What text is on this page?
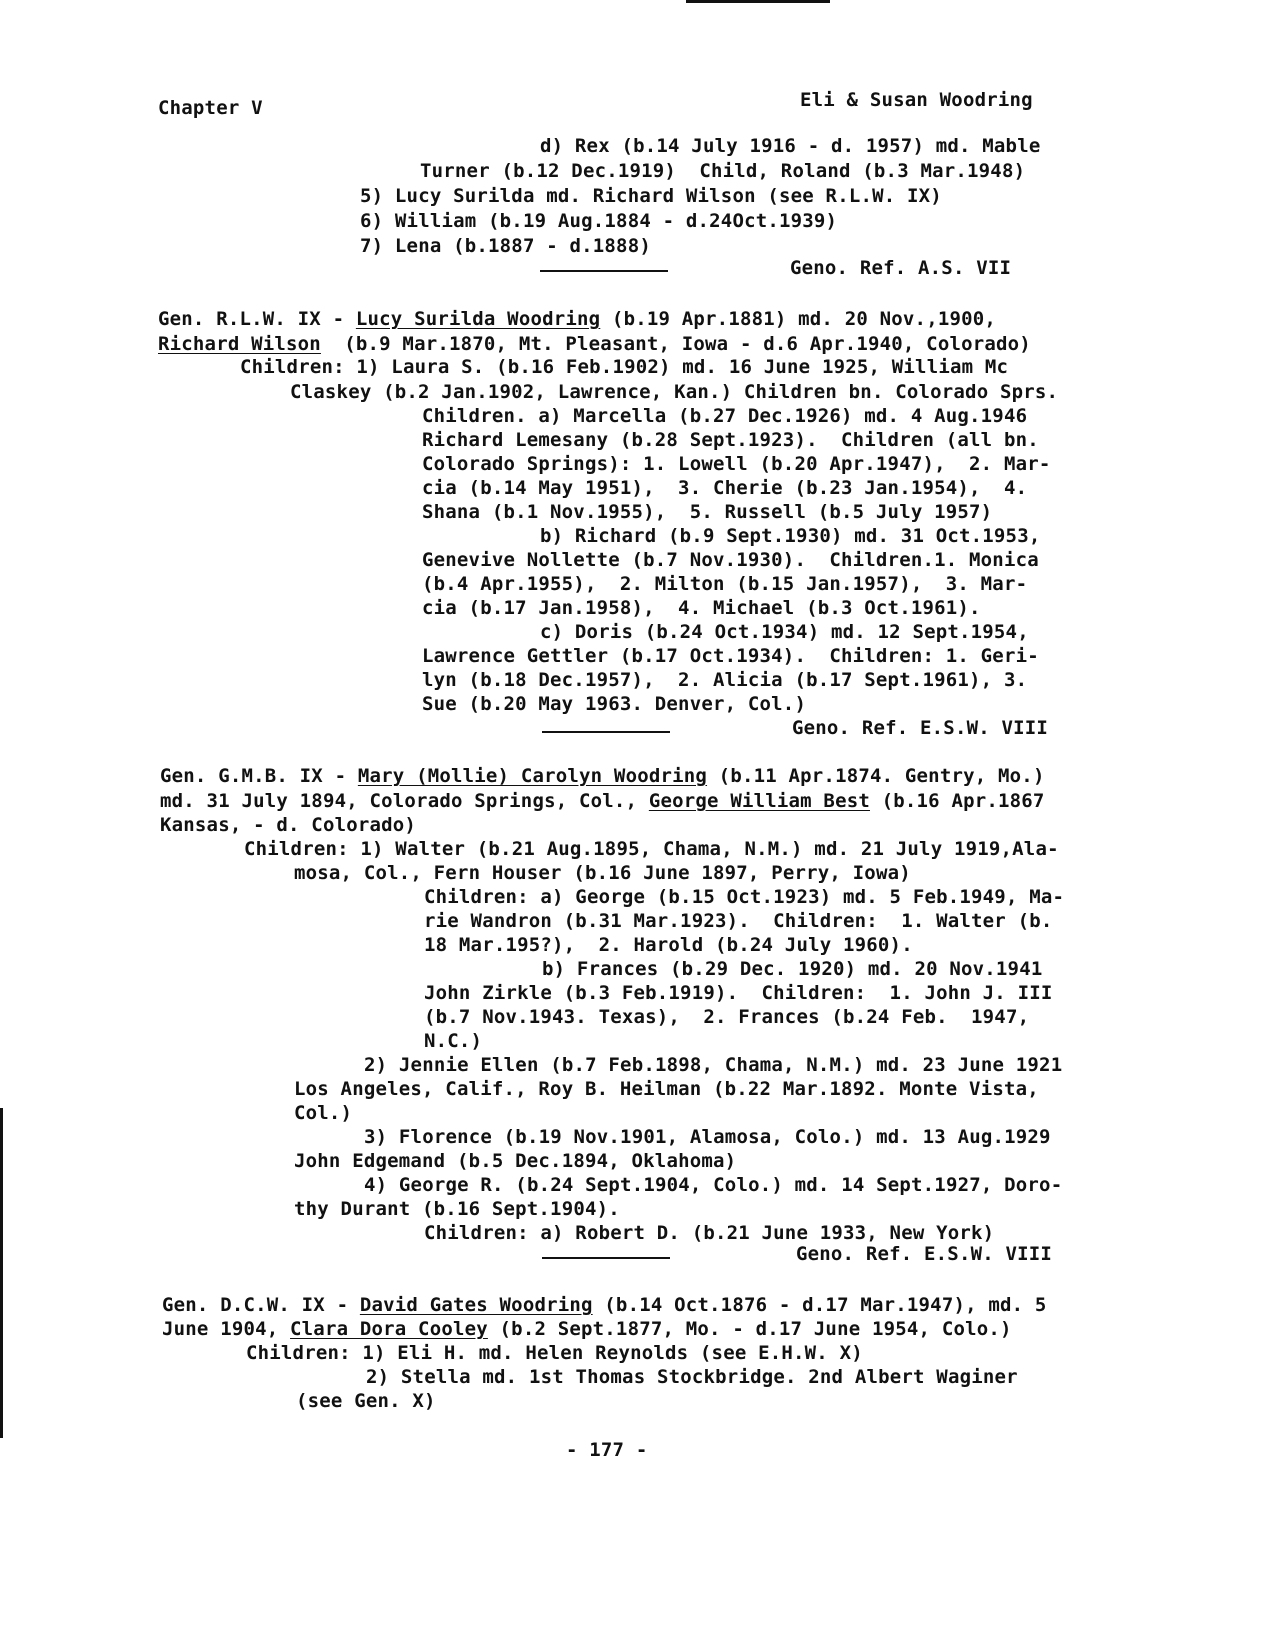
Chapter V	Eli & Susan Woodring
d) Rex (b.14 July 1916 - d. 1957) md. Mable
Turner (b.12 Dec.1919)  Child, Roland (b.3 Mar.1948)
5) Lucy Surilda md. Richard Wilson (see R.L.W. IX)
6) William (b.19 Aug.1884 - d.24Oct.1939)
7) Lena (b.1887 - d.1888)
Geno. Ref. A.S. VII
Gen. R.L.W. IX - Lucy Surilda Woodring (b.19 Apr.1881) md. 20 Nov.,1900,
Richard Wilson  (b.9 Mar.1870, Mt. Pleasant, Iowa - d.6 Apr.1940, Colorado)
Children: 1) Laura S. (b.16 Feb.1902) md. 16 June 1925, William Mc
Claskey (b.2 Jan.1902, Lawrence, Kan.) Children bn. Colorado Sprs.
Children. a) Marcella (b.27 Dec.1926) md. 4 Aug.1946
Richard Lemesany (b.28 Sept.1923).  Children (all bn.
Colorado Springs): 1. Lowell (b.20 Apr.1947),  2. Mar-
cia (b.14 May 1951),  3. Cherie (b.23 Jan.1954),  4.
Shana (b.1 Nov.1955),  5. Russell (b.5 July 1957)
b) Richard (b.9 Sept.1930) md. 31 Oct.1953,
Genevive Nollette (b.7 Nov.1930).  Children.1. Monica
(b.4 Apr.1955),  2. Milton (b.15 Jan.1957),  3. Mar-
cia (b.17 Jan.1958),  4. Michael (b.3 Oct.1961).
c) Doris (b.24 Oct.1934) md. 12 Sept.1954,
Lawrence Gettler (b.17 Oct.1934).  Children: 1. Geri-
lyn (b.18 Dec.1957),  2. Alicia (b.17 Sept.1961), 3.
Sue (b.20 May 1963. Denver, Col.)
Geno. Ref. E.S.W. VIII
Gen. G.M.B. IX - Mary (Mollie) Carolyn Woodring (b.11 Apr.1874. Gentry, Mo.)
md. 31 July 1894, Colorado Springs, Col., George William Best (b.16 Apr.1867
Kansas, - d. Colorado)
Children: 1) Walter (b.21 Aug.1895, Chama, N.M.) md. 21 July 1919,Ala-
mosa, Col., Fern Houser (b.16 June 1897, Perry, Iowa)
Children: a) George (b.15 Oct.1923) md. 5 Feb.1949, Ma-
rie Wandron (b.31 Mar.1923).  Children:  1. Walter (b.
18 Mar.195?),  2. Harold (b.24 July 1960).
b) Frances (b.29 Dec. 1920) md. 20 Nov.1941
John Zirkle (b.3 Feb.1919).  Children:  1. John J. III
(b.7 Nov.1943. Texas),  2. Frances (b.24 Feb.  1947,
N.C.)
2) Jennie Ellen (b.7 Feb.1898, Chama, N.M.) md. 23 June 1921
Los Angeles, Calif., Roy B. Heilman (b.22 Mar.1892. Monte Vista,
Col.)
3) Florence (b.19 Nov.1901, Alamosa, Colo.) md. 13 Aug.1929
John Edgemand (b.5 Dec.1894, Oklahoma)
4) George R. (b.24 Sept.1904, Colo.) md. 14 Sept.1927, Doro-
thy Durant (b.16 Sept.1904).
Children: a) Robert D. (b.21 June 1933, New York)
Geno. Ref. E.S.W. VIII
Gen. D.C.W. IX - David Gates Woodring (b.14 Oct.1876 - d.17 Mar.1947), md. 5
June 1904, Clara Dora Cooley (b.2 Sept.1877, Mo. - d.17 June 1954, Colo.)
Children: 1) Eli H. md. Helen Reynolds (see E.H.W. X)
2) Stella md. 1st Thomas Stockbridge. 2nd Albert Waginer
(see Gen. X)
- 177 -
